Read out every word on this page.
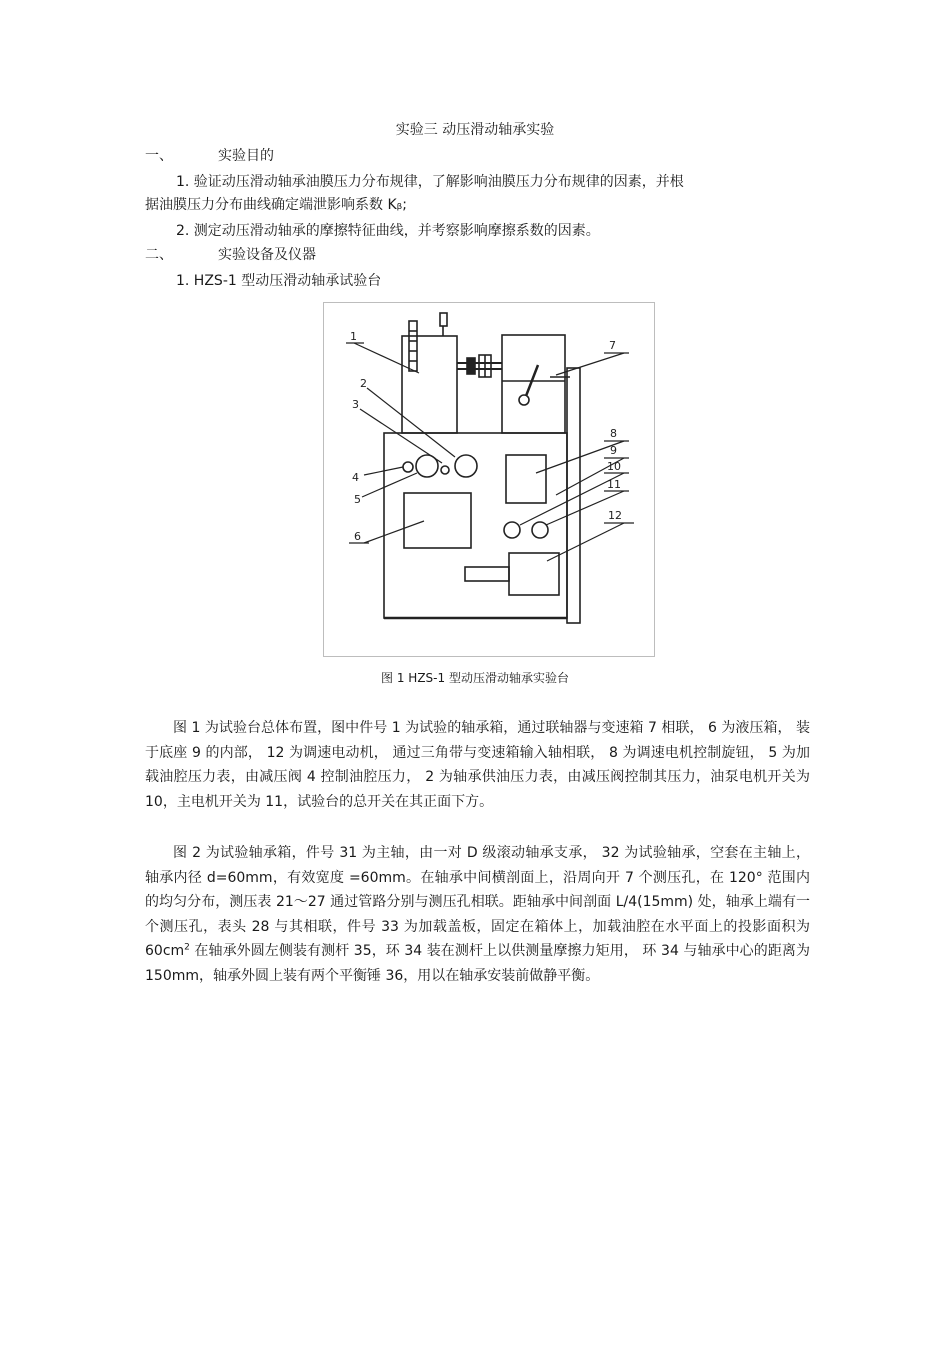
实验三 动压滑动轴承实验
一、	实验目的
1. 验证动压滑动轴承油膜压力分布规律，了解影响油膜压力分布规律的因素，并根
据油膜压力分布曲线确定端泄影响系数 Kᵦ;
2. 测定动压滑动轴承的摩擦特征曲线，并考察影响摩擦系数的因素。
二、	实验设备及仪器
1. HZS-1 型动压滑动轴承试验台
1
2
3
4
5
6
7
8
9
10
11
12
图 1 HZS-1 型动压滑动轴承实验台
图 1 为试验台总体布置，图中件号 1 为试验的轴承箱，通过联轴器与变速箱 7 相联， 6 为液压箱， 装于底座 9 的内部， 12 为调速电动机， 通过三角带与变速箱输入轴相联， 8 为调速电机控制旋钮， 5 为加载油腔压力表，由减压阀 4 控制油腔压力， 2 为轴承供油压力表，由减压阀控制其压力，油泵电机开关为 10，主电机开关为 11，试验台的总开关在其正面下方。
图 2 为试验轴承箱，件号 31 为主轴，由一对 D 级滚动轴承支承， 32 为试验轴承，空套在主轴上， 轴承内径 d=60mm，有效宽度 =60mm。在轴承中间横剖面上，沿周向开 7 个测压孔，在 120° 范围内的均匀分布，测压表 21～27 通过管路分别与测压孔相联。距轴承中间剖面 L/4(15mm) 处，轴承上端有一个测压孔，表头 28 与其相联，件号 33 为加载盖板，固定在箱体上，加载油腔在水平面上的投影面积为 $60cm^2$ 在轴承外圆左侧装有测杆 35，环 34 装在测杆上以供测量摩擦力矩用， 环 34 与轴承中心的距离为 150mm，轴承外圆上装有两个平衡锤 36，用以在轴承安装前做静平衡。
